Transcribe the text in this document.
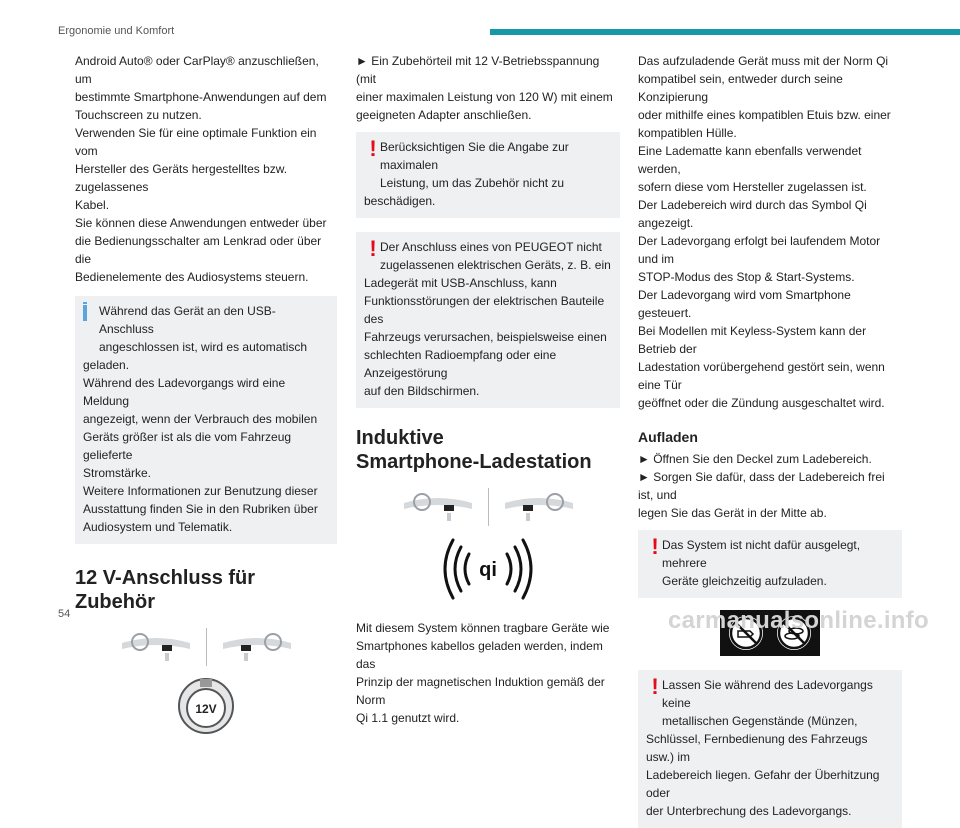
Ergonomie und Komfort
Android Auto® oder CarPlay® anzuschließen, um
bestimmte Smartphone-Anwendungen auf dem
Touchscreen zu nutzen.
Verwenden Sie für eine optimale Funktion ein vom
Hersteller des Geräts hergestelltes bzw. zugelassenes
Kabel.
Sie können diese Anwendungen entweder über
die Bedienungsschalter am Lenkrad oder über die
Bedienelemente des Audiosystems steuern.
Während das Gerät an den USB-Anschluss
angeschlossen ist, wird es automatisch
geladen.
Während des Ladevorgangs wird eine Meldung
angezeigt, wenn der Verbrauch des mobilen
Geräts größer ist als die vom Fahrzeug gelieferte
Stromstärke.
Weitere Informationen zur Benutzung dieser
Ausstattung finden Sie in den Rubriken über
Audiosystem und Telematik.
12 V-Anschluss für Zubehör
12V
► Ein Zubehörteil mit 12 V-Betriebsspannung (mit
einer maximalen Leistung von 120 W) mit einem
geeigneten Adapter anschließen.
! Berücksichtigen Sie die Angabe zur maximalen
Leistung, um das Zubehör nicht zu
beschädigen.
! Der Anschluss eines von PEUGEOT nicht
zugelassenen elektrischen Geräts, z. B. ein
Ladegerät mit USB-Anschluss, kann
Funktionsstörungen der elektrischen Bauteile des
Fahrzeugs verursachen, beispielsweise einen
schlechten Radioempfang oder eine Anzeigestörung
auf den Bildschirmen.
Induktive
Smartphone-Ladestation
qi
Mit diesem System können tragbare Geräte wie
Smartphones kabellos geladen werden, indem das
Prinzip der magnetischen Induktion gemäß der Norm
Qi 1.1 genutzt wird.
Das aufzuladende Gerät muss mit der Norm Qi
kompatibel sein, entweder durch seine Konzipierung
oder mithilfe eines kompatiblen Etuis bzw. einer
kompatiblen Hülle.
Eine Ladematte kann ebenfalls verwendet werden,
sofern diese vom Hersteller zugelassen ist.
Der Ladebereich wird durch das Symbol Qi angezeigt.
Der Ladevorgang erfolgt bei laufendem Motor und im
STOP-Modus des Stop & Start-Systems.
Der Ladevorgang wird vom Smartphone gesteuert.
Bei Modellen mit Keyless-System kann der Betrieb der
Ladestation vorübergehend gestört sein, wenn eine Tür
geöffnet oder die Zündung ausgeschaltet wird.
Aufladen
► Öffnen Sie den Deckel zum Ladebereich.
► Sorgen Sie dafür, dass der Ladebereich frei ist, und
legen Sie das Gerät in der Mitte ab.
! Das System ist nicht dafür ausgelegt, mehrere
Geräte gleichzeitig aufzuladen.
! Lassen Sie während des Ladevorgangs keine
metallischen Gegenstände (Münzen,
Schlüssel, Fernbedienung des Fahrzeugs usw.) im
Ladebereich liegen. Gefahr der Überhitzung oder
der Unterbrechung des Ladevorgangs.
54	carmanualsonline.info
